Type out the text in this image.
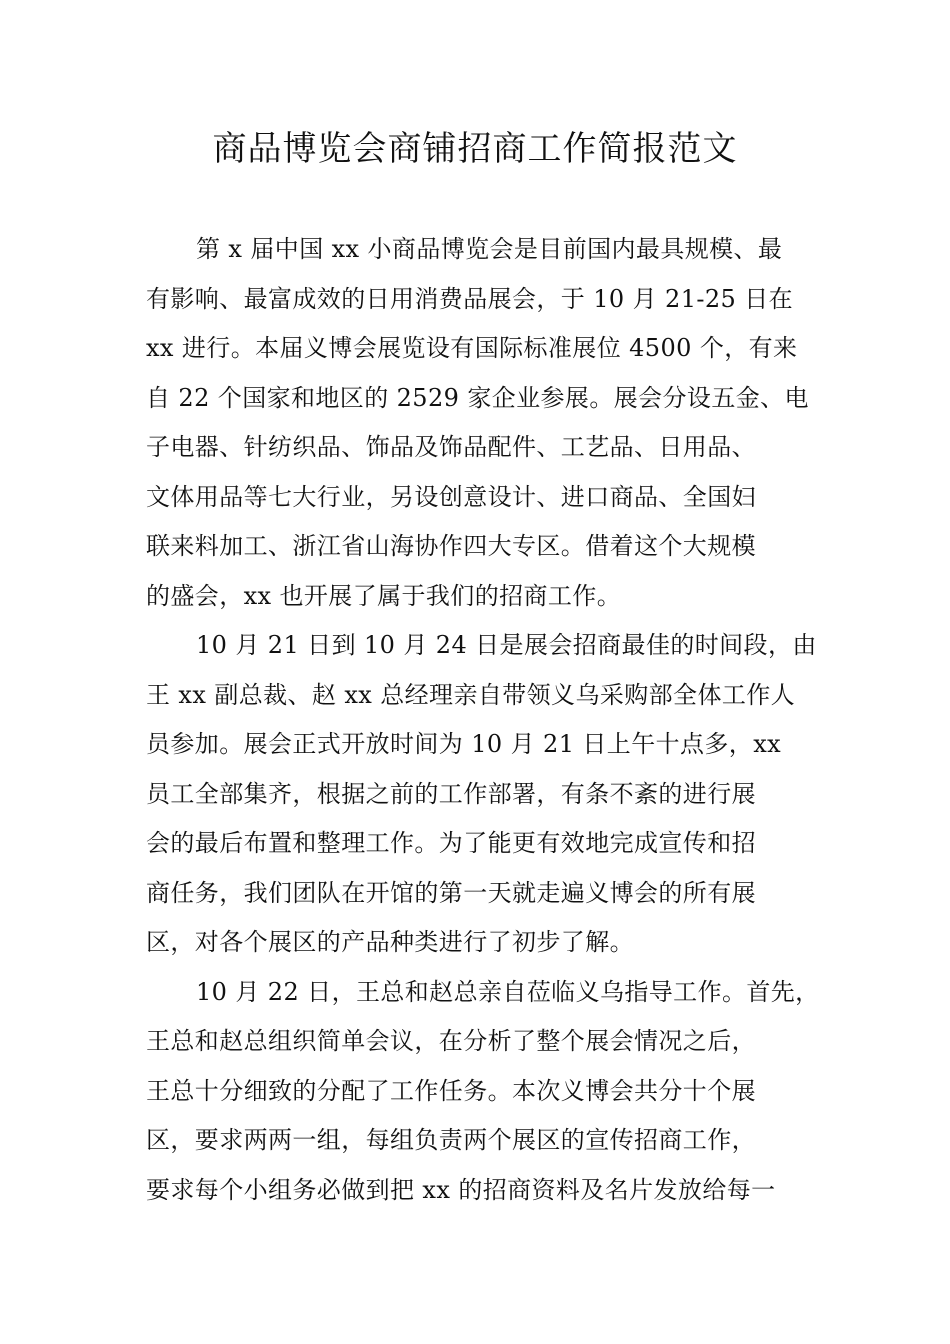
商品博览会商铺招商工作简报范文

第 x 届中国 xx 小商品博览会是目前国内最具规模、最
有影响、最富成效的日用消费品展会，于 10 月 21-25 日在
xx 进行。本届义博会展览设有国际标准展位 4500 个，有来
自 22 个国家和地区的 2529 家企业参展。展会分设五金、电
子电器、针纺织品、饰品及饰品配件、工艺品、日用品、
文体用品等七大行业，另设创意设计、进口商品、全国妇
联来料加工、浙江省山海协作四大专区。借着这个大规模
的盛会，xx 也开展了属于我们的招商工作。

10 月 21 日到 10 月 24 日是展会招商最佳的时间段，由
王 xx 副总裁、赵 xx 总经理亲自带领义乌采购部全体工作人
员参加。展会正式开放时间为 10 月 21 日上午十点多，xx
员工全部集齐，根据之前的工作部署，有条不紊的进行展
会的最后布置和整理工作。为了能更有效地完成宣传和招
商任务，我们团队在开馆的第一天就走遍义博会的所有展
区，对各个展区的产品种类进行了初步了解。

10 月 22 日，王总和赵总亲自莅临义乌指导工作。首先，
王总和赵总组织简单会议，在分析了整个展会情况之后，
王总十分细致的分配了工作任务。本次义博会共分十个展
区，要求两两一组，每组负责两个展区的宣传招商工作，
要求每个小组务必做到把 xx 的招商资料及名片发放给每一
